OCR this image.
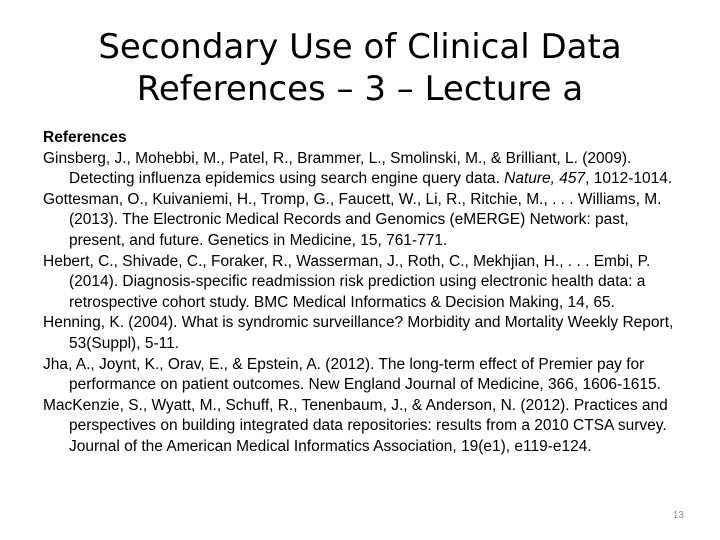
Secondary Use of Clinical Data
References – 3 – Lecture a

References

Ginsberg, J., Mohebbi, M., Patel, R., Brammer, L., Smolinski, M., & Brilliant, L. (2009). Detecting influenza epidemics using search engine query data. Nature, 457, 1012-1014.

Gottesman, O., Kuivaniemi, H., Tromp, G., Faucett, W., Li, R., Ritchie, M., . . . Williams, M. (2013). The Electronic Medical Records and Genomics (eMERGE) Network: past, present, and future. Genetics in Medicine, 15, 761-771.

Hebert, C., Shivade, C., Foraker, R., Wasserman, J., Roth, C., Mekhjian, H., . . . Embi, P. (2014). Diagnosis-specific readmission risk prediction using electronic health data: a retrospective cohort study. BMC Medical Informatics & Decision Making, 14, 65.

Henning, K. (2004). What is syndromic surveillance? Morbidity and Mortality Weekly Report, 53(Suppl), 5-11.

Jha, A., Joynt, K., Orav, E., & Epstein, A. (2012). The long-term effect of Premier pay for performance on patient outcomes. New England Journal of Medicine, 366, 1606-1615.

MacKenzie, S., Wyatt, M., Schuff, R., Tenenbaum, J., & Anderson, N. (2012). Practices and perspectives on building integrated data repositories: results from a 2010 CTSA survey. Journal of the American Medical Informatics Association, 19(e1), e119-e124.

13
